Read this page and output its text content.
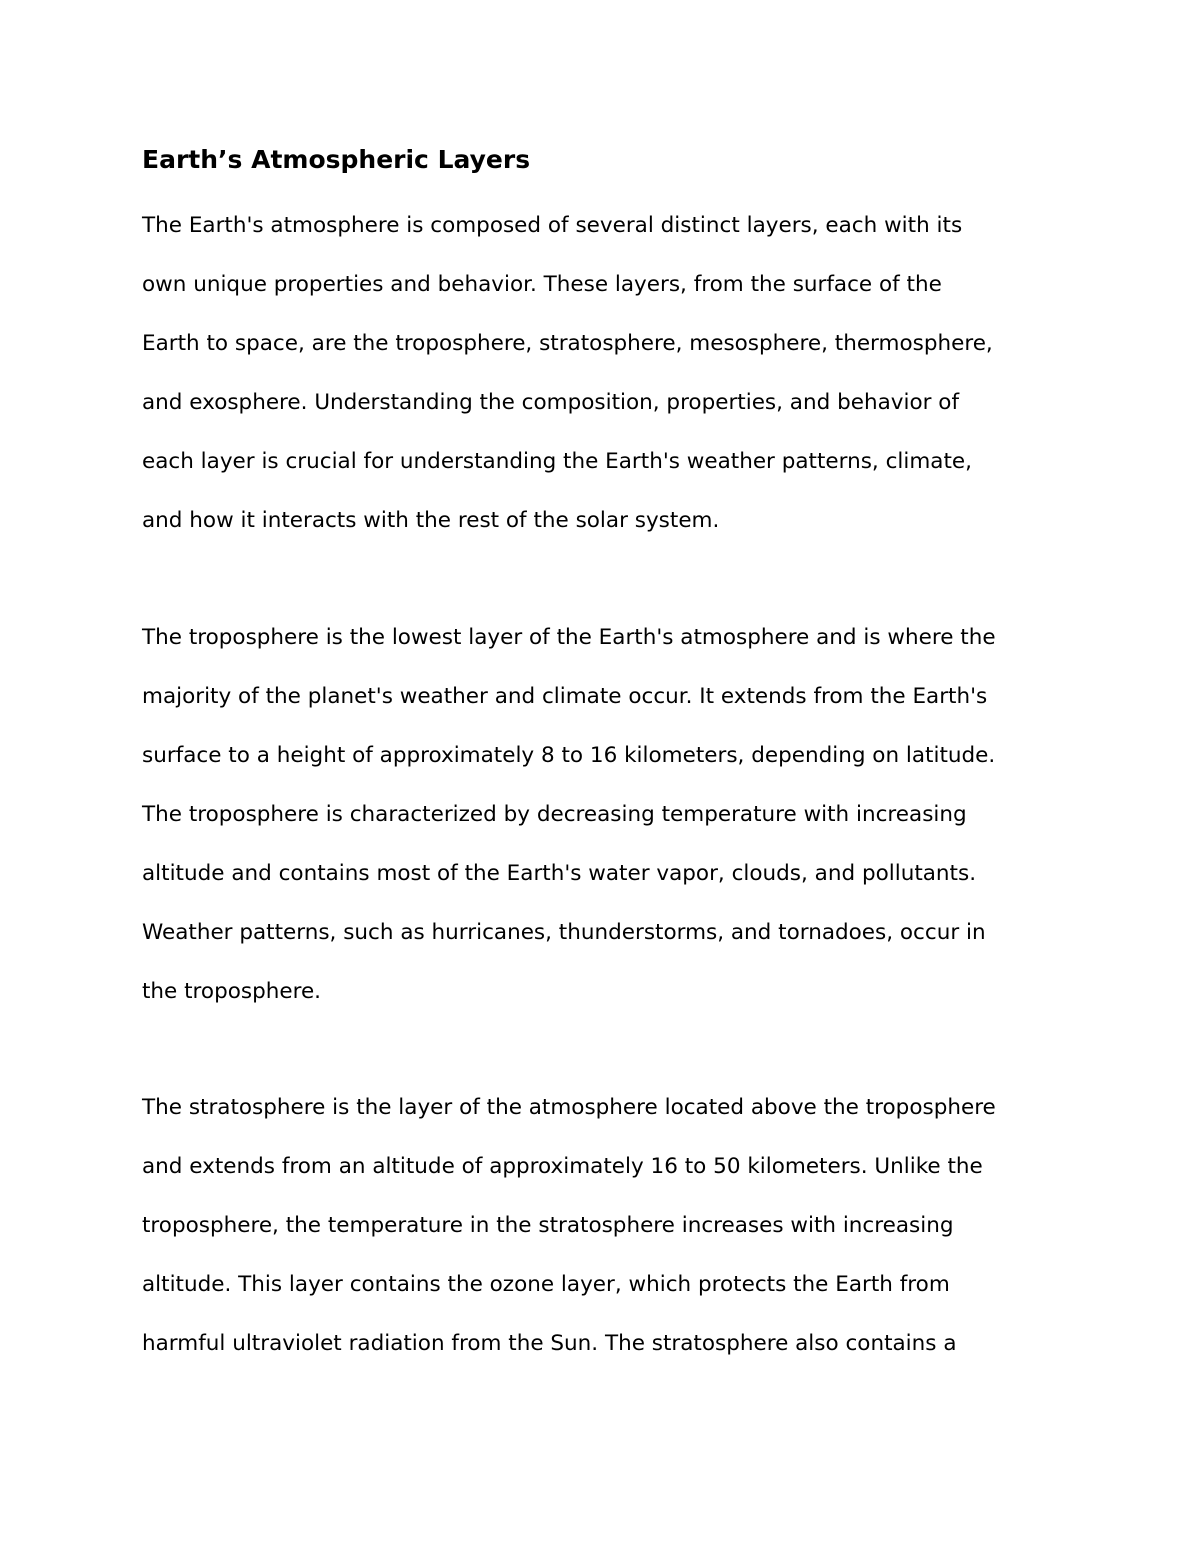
Earth’s Atmospheric Layers

The Earth's atmosphere is composed of several distinct layers, each with its

own unique properties and behavior. These layers, from the surface of the

Earth to space, are the troposphere, stratosphere, mesosphere, thermosphere,

and exosphere. Understanding the composition, properties, and behavior of

each layer is crucial for understanding the Earth's weather patterns, climate,

and how it interacts with the rest of the solar system.

The troposphere is the lowest layer of the Earth's atmosphere and is where the

majority of the planet's weather and climate occur. It extends from the Earth's

surface to a height of approximately 8 to 16 kilometers, depending on latitude.

The troposphere is characterized by decreasing temperature with increasing

altitude and contains most of the Earth's water vapor, clouds, and pollutants.

Weather patterns, such as hurricanes, thunderstorms, and tornadoes, occur in

the troposphere.

The stratosphere is the layer of the atmosphere located above the troposphere

and extends from an altitude of approximately 16 to 50 kilometers. Unlike the

troposphere, the temperature in the stratosphere increases with increasing

altitude. This layer contains the ozone layer, which protects the Earth from

harmful ultraviolet radiation from the Sun. The stratosphere also contains a
